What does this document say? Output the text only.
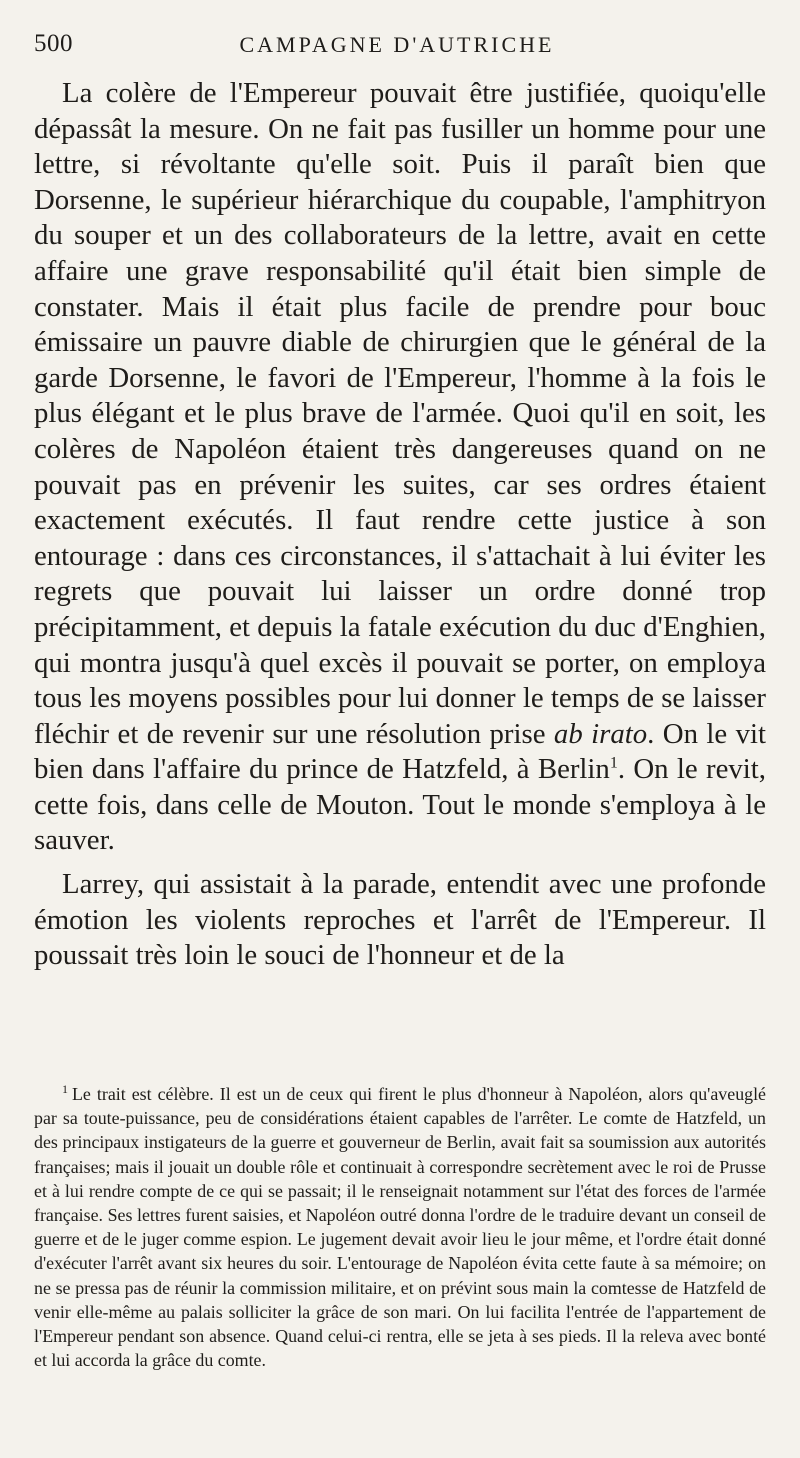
500	CAMPAGNE D'AUTRICHE

La colère de l'Empereur pouvait être justifiée, quoiqu'elle dépassât la mesure. On ne fait pas fusiller un homme pour une lettre, si révoltante qu'elle soit. Puis il paraît bien que Dorsenne, le supérieur hiérarchique du coupable, l'amphitryon du souper et un des collaborateurs de la lettre, avait en cette affaire une grave responsabilité qu'il était bien simple de constater. Mais il était plus facile de prendre pour bouc émissaire un pauvre diable de chirurgien que le général de la garde Dorsenne, le favori de l'Empereur, l'homme à la fois le plus élégant et le plus brave de l'armée. Quoi qu'il en soit, les colères de Napoléon étaient très dangereuses quand on ne pouvait pas en prévenir les suites, car ses ordres étaient exactement exécutés. Il faut rendre cette justice à son entourage : dans ces circonstances, il s'attachait à lui éviter les regrets que pouvait lui laisser un ordre donné trop précipitamment, et depuis la fatale exécution du duc d'Enghien, qui montra jusqu'à quel excès il pouvait se porter, on employa tous les moyens possibles pour lui donner le temps de se laisser fléchir et de revenir sur une résolution prise ab irato. On le vit bien dans l'affaire du prince de Hatzfeld, à Berlin$^1$. On le revit, cette fois, dans celle de Mouton. Tout le monde s'employa à le sauver.

Larrey, qui assistait à la parade, entendit avec une profonde émotion les violents reproches et l'arrêt de l'Empereur. Il poussait très loin le souci de l'honneur et de la

$^1$ Le trait est célèbre. Il est un de ceux qui firent le plus d'honneur à Napoléon, alors qu'aveuglé par sa toute-puissance, peu de considérations étaient capables de l'arrêter. Le comte de Hatzfeld, un des principaux instigateurs de la guerre et gouverneur de Berlin, avait fait sa soumission aux autorités françaises; mais il jouait un double rôle et continuait à correspondre secrètement avec le roi de Prusse et à lui rendre compte de ce qui se passait; il le renseignait notamment sur l'état des forces de l'armée française. Ses lettres furent saisies, et Napoléon outré donna l'ordre de le traduire devant un conseil de guerre et de le juger comme espion. Le jugement devait avoir lieu le jour même, et l'ordre était donné d'exécuter l'arrêt avant six heures du soir. L'entourage de Napoléon évita cette faute à sa mémoire; on ne se pressa pas de réunir la commission militaire, et on prévint sous main la comtesse de Hatzfeld de venir elle-même au palais solliciter la grâce de son mari. On lui facilita l'entrée de l'appartement de l'Empereur pendant son absence. Quand celui-ci rentra, elle se jeta à ses pieds. Il la releva avec bonté et lui accorda la grâce du comte.
